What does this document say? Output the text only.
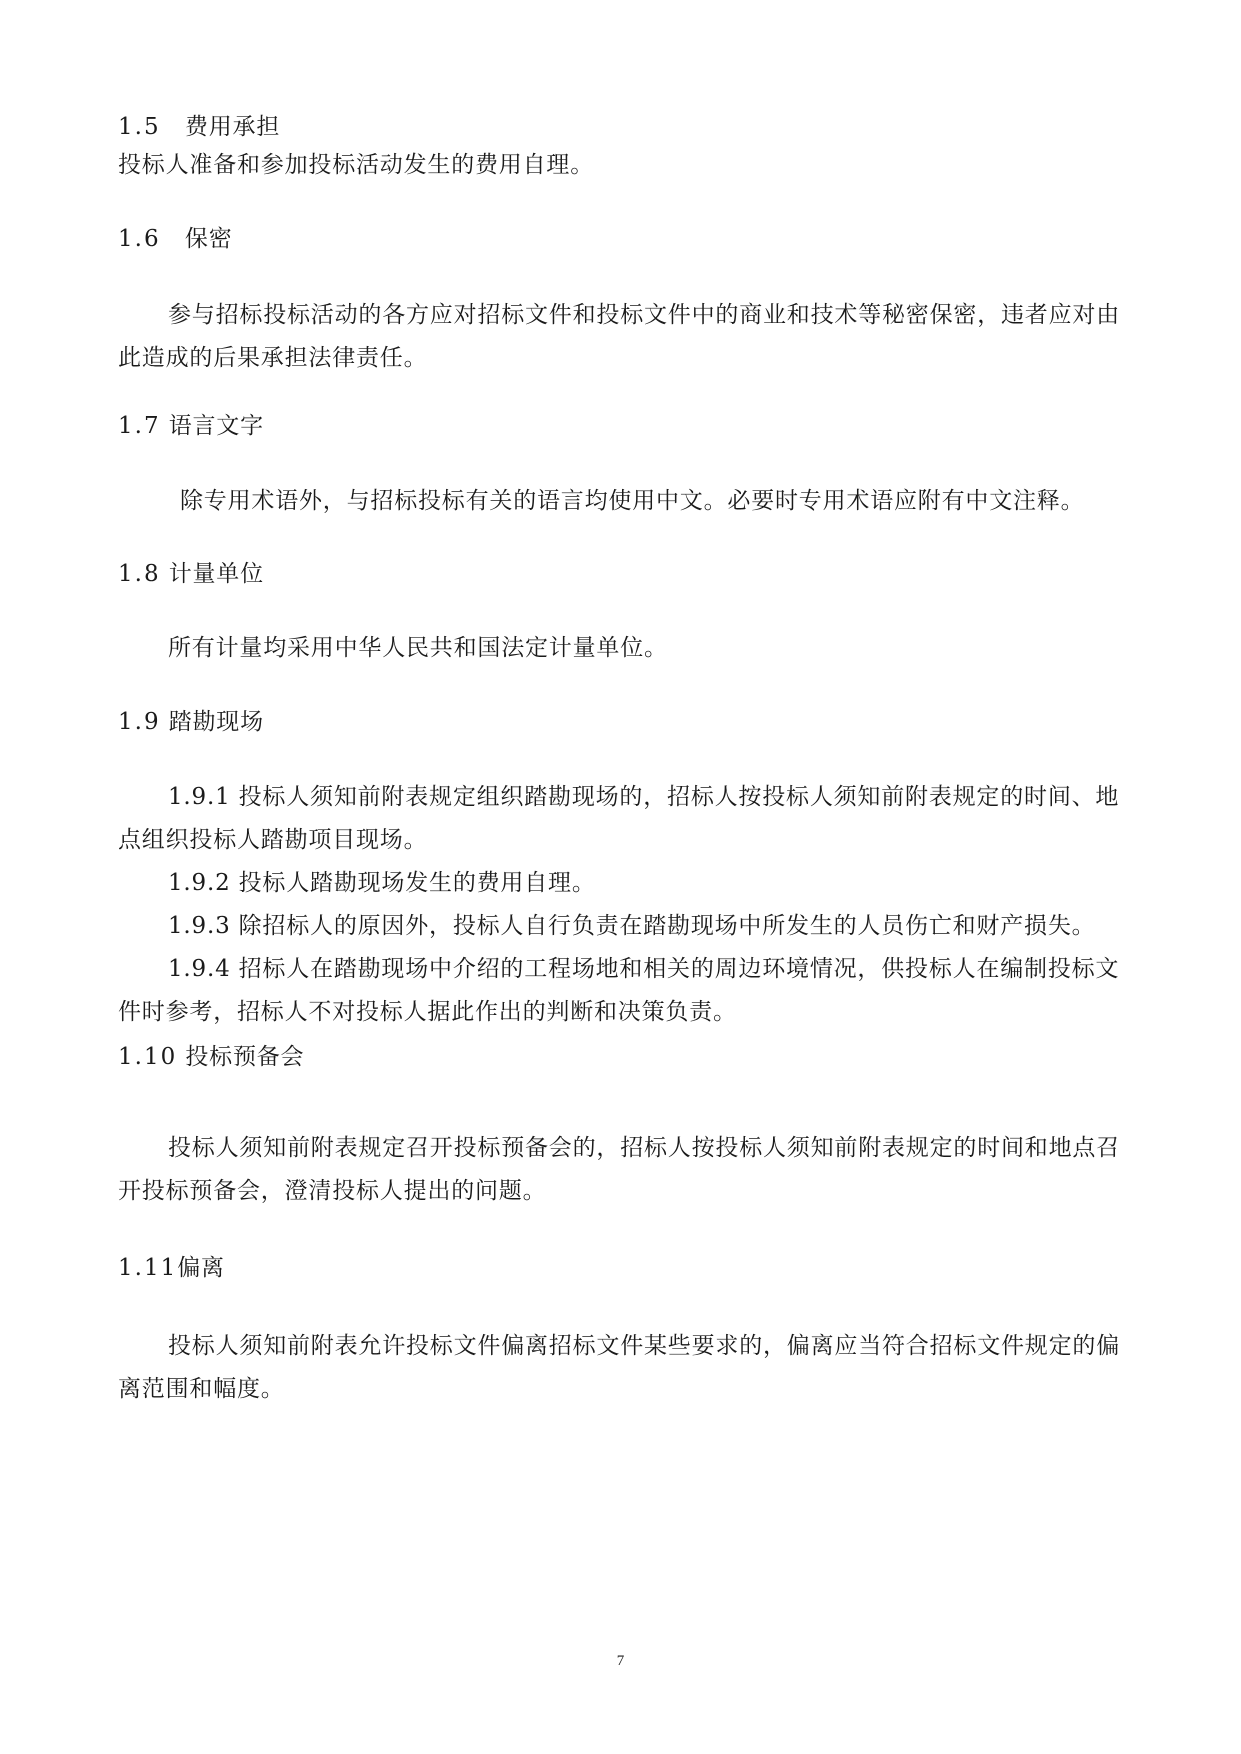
1.5 费用承担

投标人准备和参加投标活动发生的费用自理。

1.6 保密

参与招标投标活动的各方应对招标文件和投标文件中的商业和技术等秘密保密，违者应对由此造成的后果承担法律责任。

1.7 语言文字

除专用术语外，与招标投标有关的语言均使用中文。必要时专用术语应附有中文注释。

1.8 计量单位

所有计量均采用中华人民共和国法定计量单位。

1.9 踏勘现场
1.9.1 投标人须知前附表规定组织踏勘现场的，招标人按投标人须知前附表规定的时间、地点组织投标人踏勘项目现场。
1.9.2 投标人踏勘现场发生的费用自理。
1.9.3 除招标人的原因外，投标人自行负责在踏勘现场中所发生的人员伤亡和财产损失。
1.9.4 招标人在踏勘现场中介绍的工程场地和相关的周边环境情况，供投标人在编制投标文件时参考，招标人不对投标人据此作出的判断和决策负责。
1.10 投标预备会

投标人须知前附表规定召开投标预备会的，招标人按投标人须知前附表规定的时间和地点召开投标预备会，澄清投标人提出的问题。

1.11偏离

投标人须知前附表允许投标文件偏离招标文件某些要求的，偏离应当符合招标文件规定的偏离范围和幅度。

7
